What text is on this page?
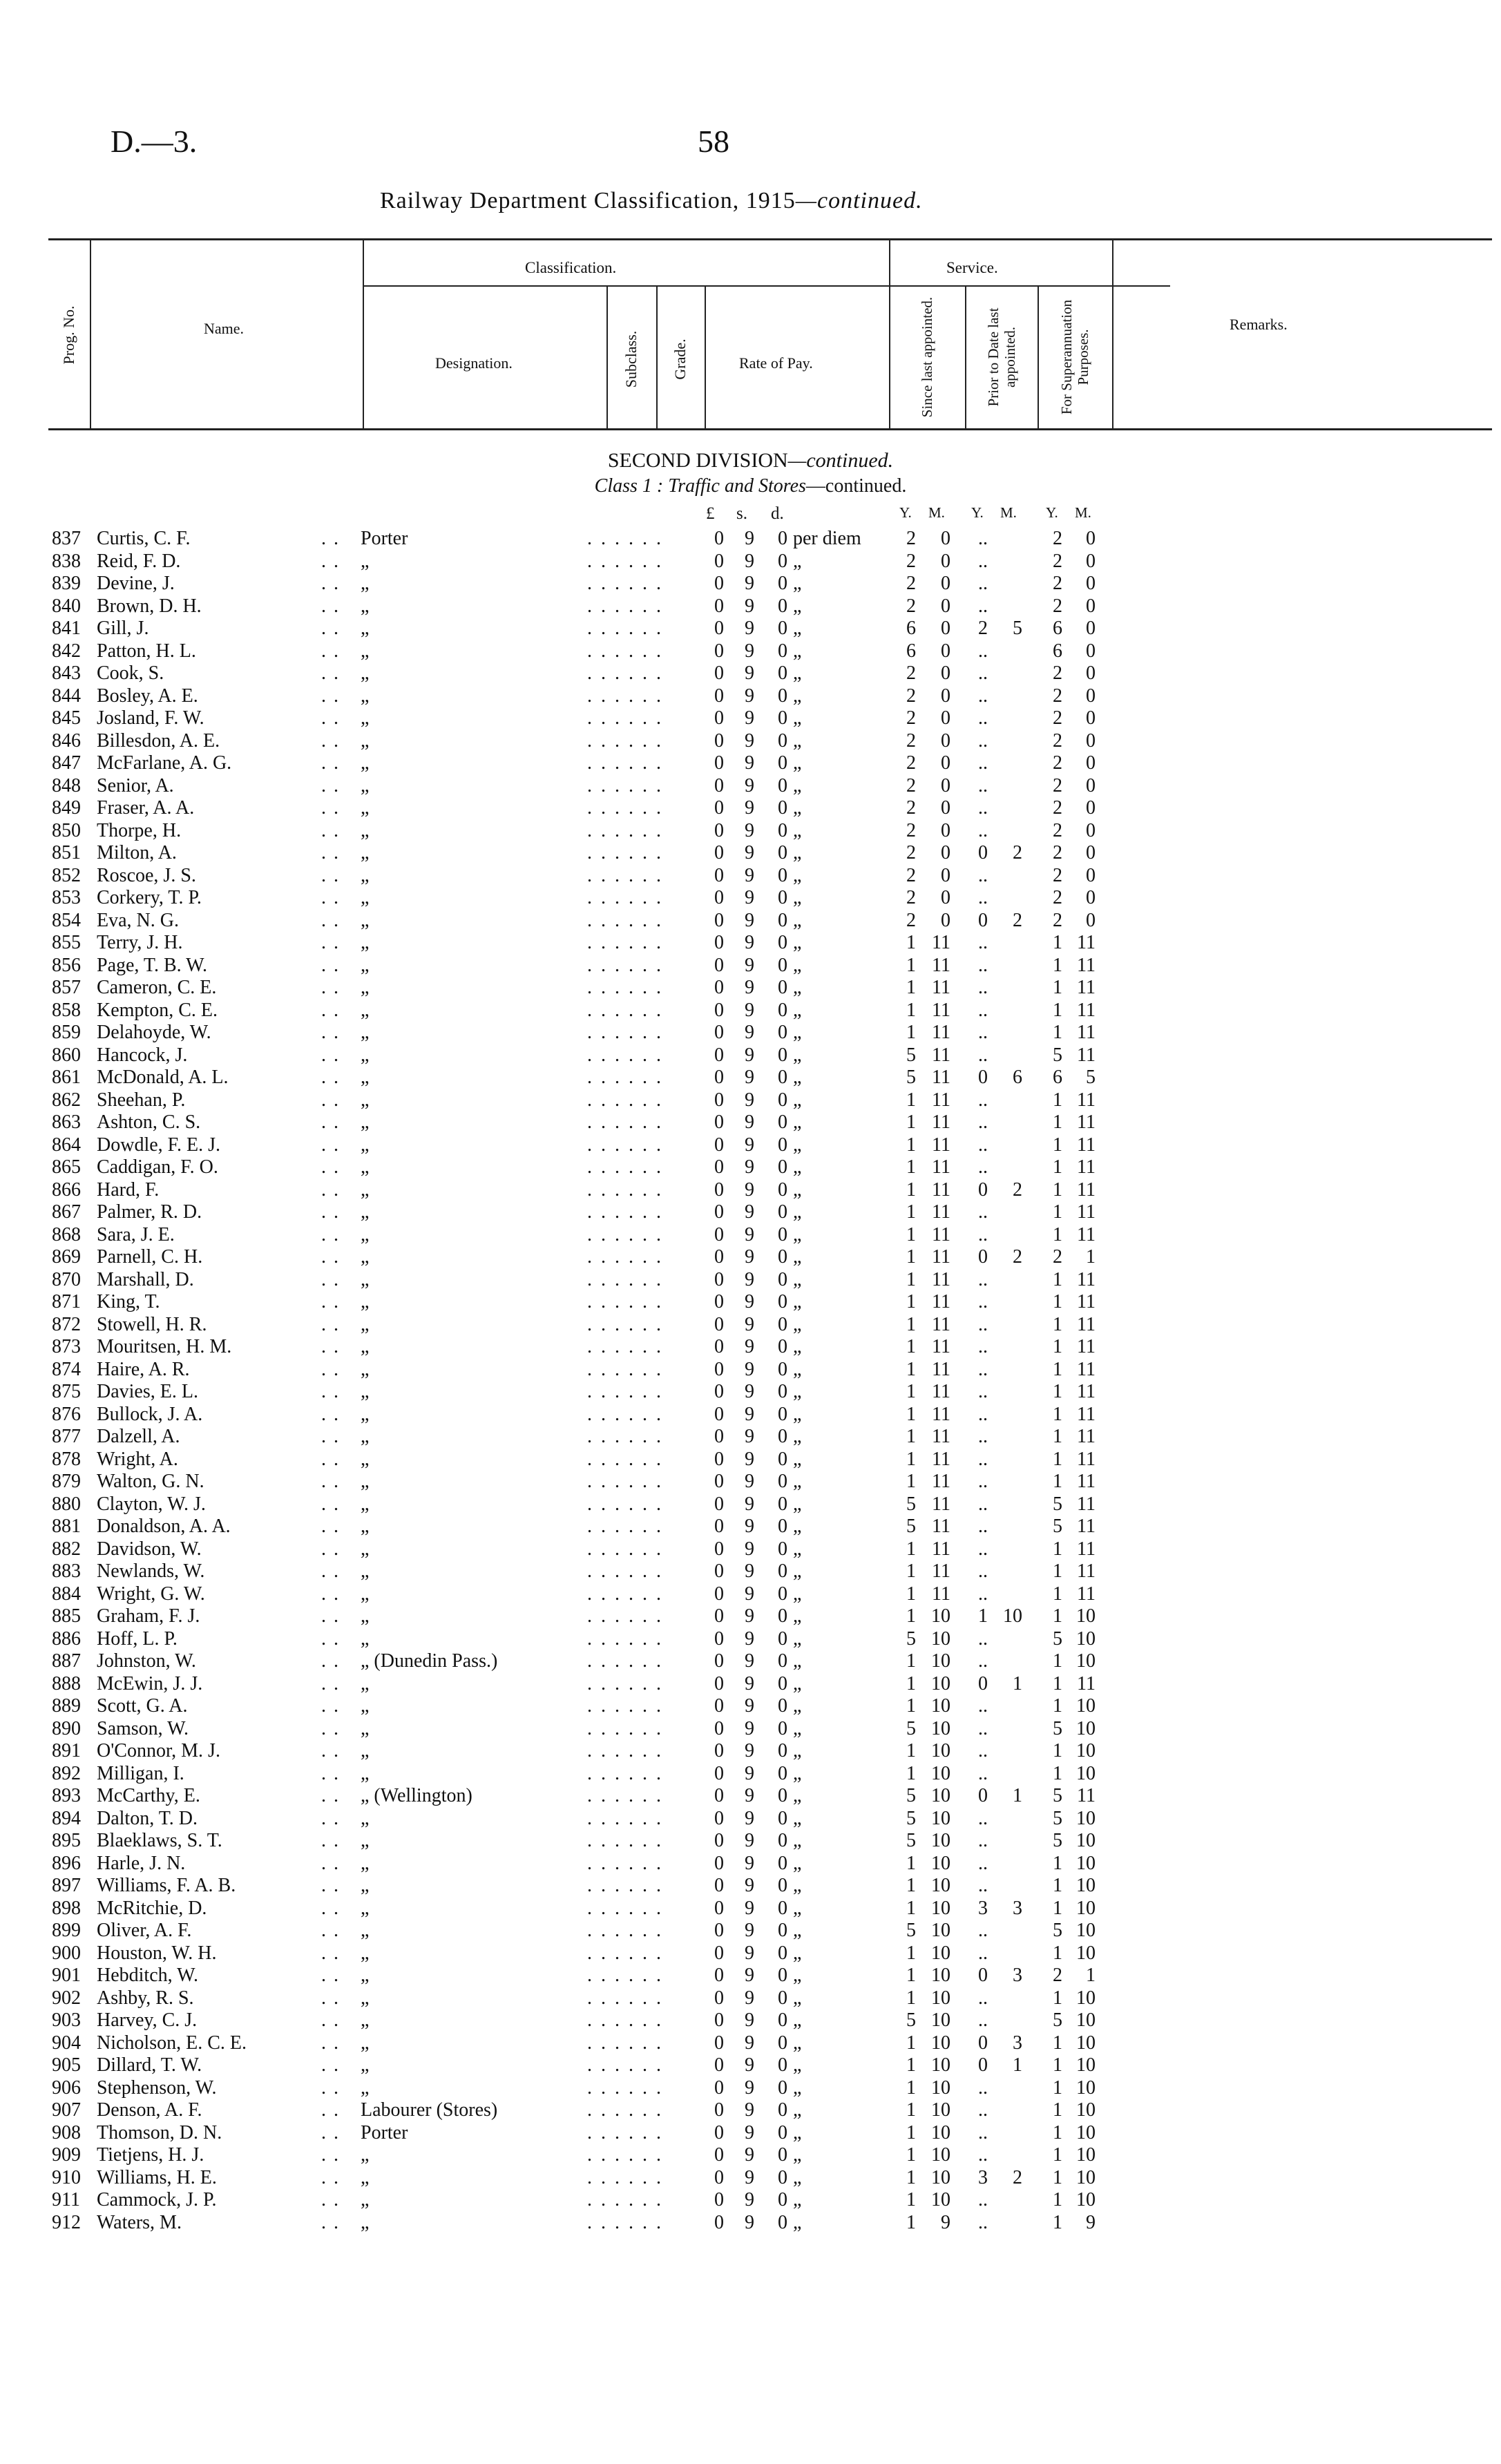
D.—3.	58
Railway Department Classification, 1915—continued.
Prog. No.	Name.
Classification.
Designation.	Subclass. Grade.	Rate of Pay.
Service.
Since last appointed.	Prior to Date last appointed.	For Superannuation Purposes.
Remarks.
SECOND DIVISION—continued.
Class 1 : Traffic and Stores—continued.
£ s. d.	Y. M. Y. M. Y. M.
837 Curtis, C. F.	. . Porter	. . . . . .	0	9	0 per diem	2	0	..	2	0
838 Reid, F. D.	. . „	. . . . . .	0	9	0 „	2	0	..	2	0
839 Devine, J.	. . „	. . . . . .	0	9	0 „	2	0	..	2	0
840 Brown, D. H.	. . „	. . . . . .	0	9	0 „	2	0	..	2	0
841 Gill, J.	. . „	. . . . . .	0	9	0 „	6	0	2	5	6	0
842 Patton, H. L.	. . „	. . . . . .	0	9	0 „	6	0	..	6	0
843 Cook, S.	. . „	. . . . . .	0	9	0 „	2	0	..	2	0
844 Bosley, A. E.	. . „	. . . . . .	0	9	0 „	2	0	..	2	0
845 Josland, F. W.	. . „	. . . . . .	0	9	0 „	2	0	..	2	0
846 Billesdon, A. E.	. . „	. . . . . .	0	9	0 „	2	0	..	2	0
847 McFarlane, A. G.	. . „	. . . . . .	0	9	0 „	2	0	..	2	0
848 Senior, A.	. . „	. . . . . .	0	9	0 „	2	0	..	2	0
849 Fraser, A. A.	. . „	. . . . . .	0	9	0 „	2	0	..	2	0
850 Thorpe, H.	. . „	. . . . . .	0	9	0 „	2	0	..	2	0
851 Milton, A.	. . „	. . . . . .	0	9	0 „	2	0	0	2	2	0
852 Roscoe, J. S.	. . „	. . . . . .	0	9	0 „	2	0	..	2	0
853 Corkery, T. P.	. . „	. . . . . .	0	9	0 „	2	0	..	2	0
854 Eva, N. G.	. . „	. . . . . .	0	9	0 „	2	0	0	2	2	0
855 Terry, J. H.	. . „	. . . . . .	0	9	0 „	1 11	..	1 11
856 Page, T. B. W.	. . „	. . . . . .	0	9	0 „	1 11	..	1 11
857 Cameron, C. E.	. . „	. . . . . .	0	9	0 „	1 11	..	1 11
858 Kempton, C. E.	. . „	. . . . . .	0	9	0 „	1 11	..	1 11
859 Delahoyde, W.	. . „	. . . . . .	0	9	0 „	1 11	..	1 11
860 Hancock, J.	. . „	. . . . . .	0	9	0 „	5 11	..	5 11
861 McDonald, A. L.	. . „	. . . . . .	0	9	0 „	5 11	0	6	6	5
862 Sheehan, P.	. . „	. . . . . .	0	9	0 „	1 11	..	1 11
863 Ashton, C. S.	. . „	. . . . . .	0	9	0 „	1 11	..	1 11
864 Dowdle, F. E. J.	. . „	. . . . . .	0	9	0 „	1 11	..	1 11
865 Caddigan, F. O.	. . „	. . . . . .	0	9	0 „	1 11	..	1 11
866 Hard, F.	. . „	. . . . . .	0	9	0 „	1 11	0	2	1 11
867 Palmer, R. D.	. . „	. . . . . .	0	9	0 „	1 11	..	1 11
868 Sara, J. E.	. . „	. . . . . .	0	9	0 „	1 11	..	1 11
869 Parnell, C. H.	. . „	. . . . . .	0	9	0 „	1 11	0	2	2	1
870 Marshall, D.	. . „	. . . . . .	0	9	0 „	1 11	..	1 11
871 King, T.	. . „	. . . . . .	0	9	0 „	1 11	..	1 11
872 Stowell, H. R.	. . „	. . . . . .	0	9	0 „	1 11	..	1 11
873 Mouritsen, H. M.	. . „	. . . . . .	0	9	0 „	1 11	..	1 11
874 Haire, A. R.	. . „	. . . . . .	0	9	0 „	1 11	..	1 11
875 Davies, E. L.	. . „	. . . . . .	0	9	0 „	1 11	..	1 11
876 Bullock, J. A.	. . „	. . . . . .	0	9	0 „	1 11	..	1 11
877 Dalzell, A.	. . „	. . . . . .	0	9	0 „	1 11	..	1 11
878 Wright, A.	. . „	. . . . . .	0	9	0 „	1 11	..	1 11
879 Walton, G. N.	. . „	. . . . . .	0	9	0 „	1 11	..	1 11
880 Clayton, W. J.	. . „	. . . . . .	0	9	0 „	5 11	..	5 11
881 Donaldson, A. A.	. . „	. . . . . .	0	9	0 „	5 11	..	5 11
882 Davidson, W.	. . „	. . . . . .	0	9	0 „	1 11	..	1 11
883 Newlands, W.	. . „	. . . . . .	0	9	0 „	1 11	..	1 11
884 Wright, G. W.	. . „	. . . . . .	0	9	0 „	1 11	..	1 11
885 Graham, F. J.	. . „	. . . . . .	0	9	0 „	1 10	1 10	1 10
886 Hoff, L. P.	. . „	. . . . . .	0	9	0 „	5 10	..	5 10
887 Johnston, W.	. . „ (Dunedin Pass.)	. . . . . .	0	9	0 „	1 10	..	1 10
888 McEwin, J. J.	. . „	. . . . . .	0	9	0 „	1 10	0	1	1 11
889 Scott, G. A.	. . „	. . . . . .	0	9	0 „	1 10	..	1 10
890 Samson, W.	. . „	. . . . . .	0	9	0 „	5 10	..	5 10
891 O'Connor, M. J.	. . „	. . . . . .	0	9	0 „	1 10	..	1 10
892 Milligan, I.	. . „	. . . . . .	0	9	0 „	1 10	..	1 10
893 McCarthy, E.	. . „ (Wellington)	. . . . . .	0	9	0 „	5 10	0	1	5 11
894 Dalton, T. D.	. . „	. . . . . .	0	9	0 „	5 10	..	5 10
895 Blaeklaws, S. T.	. . „	. . . . . .	0	9	0 „	5 10	..	5 10
896 Harle, J. N.	. . „	. . . . . .	0	9	0 „	1 10	..	1 10
897 Williams, F. A. B.	. . „	. . . . . .	0	9	0 „	1 10	..	1 10
898 McRitchie, D.	. . „	. . . . . .	0	9	0 „	1 10	3	3	1 10
899 Oliver, A. F.	. . „	. . . . . .	0	9	0 „	5 10	..	5 10
900 Houston, W. H.	. . „	. . . . . .	0	9	0 „	1 10	..	1 10
901 Hebditch, W.	. . „	. . . . . .	0	9	0 „	1 10	0	3	2	1
902 Ashby, R. S.	. . „	. . . . . .	0	9	0 „	1 10	..	1 10
903 Harvey, C. J.	. . „	. . . . . .	0	9	0 „	5 10	..	5 10
904 Nicholson, E. C. E.	. . „	. . . . . .	0	9	0 „	1 10	0	3	1 10
905 Dillard, T. W.	. . „	. . . . . .	0	9	0 „	1 10	0	1	1 10
906 Stephenson, W.	. . „	. . . . . .	0	9	0 „	1 10	..	1 10
907 Denson, A. F.	. . Labourer (Stores)	. . . . . .	0	9	0 „	1 10	..	1 10
908 Thomson, D. N.	. . Porter	. . . . . .	0	9	0 „	1 10	..	1 10
909 Tietjens, H. J.	. . „	. . . . . .	0	9	0 „	1 10	..	1 10
910 Williams, H. E.	. . „	. . . . . .	0	9	0 „	1 10	3	2	1 10
911 Cammock, J. P.	. . „	. . . . . .	0	9	0 „	1 10	..	1 10
912 Waters, M.	. . „	. . . . . .	0	9	0 „	1	9	..	1	9
